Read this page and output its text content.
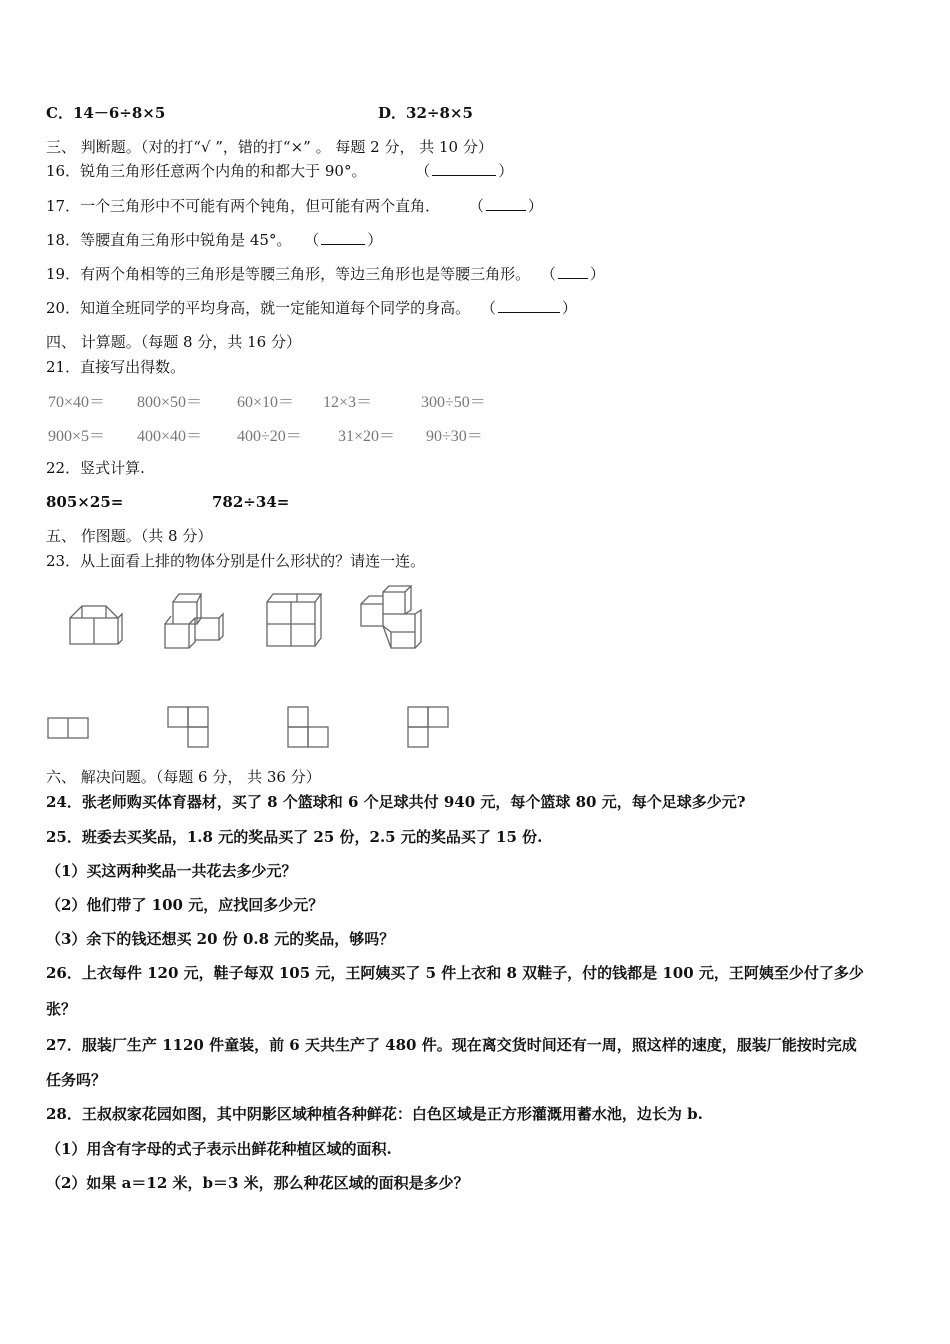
C．14－6÷8×5	D．32÷8×5
三、 判断题。（对的打“√ ”，错的打“×” 。 每题 2 分， 共 10 分）
16．锐角三角形任意两个内角的和都大于 90°。	（	）
17．一个三角形中不可能有两个钝角，但可能有两个直角． （	）
18．等腰直角三角形中锐角是 45°。 （	）
19．有两个角相等的三角形是等腰三角形，等边三角形也是等腰三角形。 （ ）
20．知道全班同学的平均身高，就一定能知道每个同学的身高。 （	）
四、 计算题。（每题 8 分，共 16 分）
21．直接写出得数。
70×40＝ 800×50＝ 60×10＝ 12×3＝	300÷50＝
900×5＝ 400×40＝ 400÷20＝ 31×20＝ 90÷30＝
22．竖式计算.
805×25=	782÷34=
五、 作图题。（共 8 分）
23．从上面看上排的物体分别是什么形状的？请连一连。
六、 解决问题。（每题 6 分， 共 36 分）
24．张老师购买体育器材，买了 8 个篮球和 6 个足球共付 940 元，每个篮球 80 元，每个足球多少元?
25．班委去买奖品，1.8 元的奖品买了 25 份，2.5 元的奖品买了 15 份.
（1）买这两种奖品一共花去多少元？
（2）他们带了 100 元，应找回多少元？
（3）余下的钱还想买 20 份 0.8 元的奖品，够吗？
26．上衣每件 120 元，鞋子每双 105 元，王阿姨买了 5 件上衣和 8 双鞋子，付的钱都是 100 元，王阿姨至少付了多少
张？
27．服装厂生产 1120 件童装，前 6 天共生产了 480 件。现在离交货时间还有一周，照这样的速度，服装厂能按时完成
任务吗？
28．王叔叔家花园如图，其中阴影区域种植各种鲜花：白色区域是正方形灌溉用蓄水池，边长为 b.
（1）用含有字母的式子表示出鲜花种植区域的面积.
（2）如果 a＝12 米，b＝3 米，那么种花区域的面积是多少？
